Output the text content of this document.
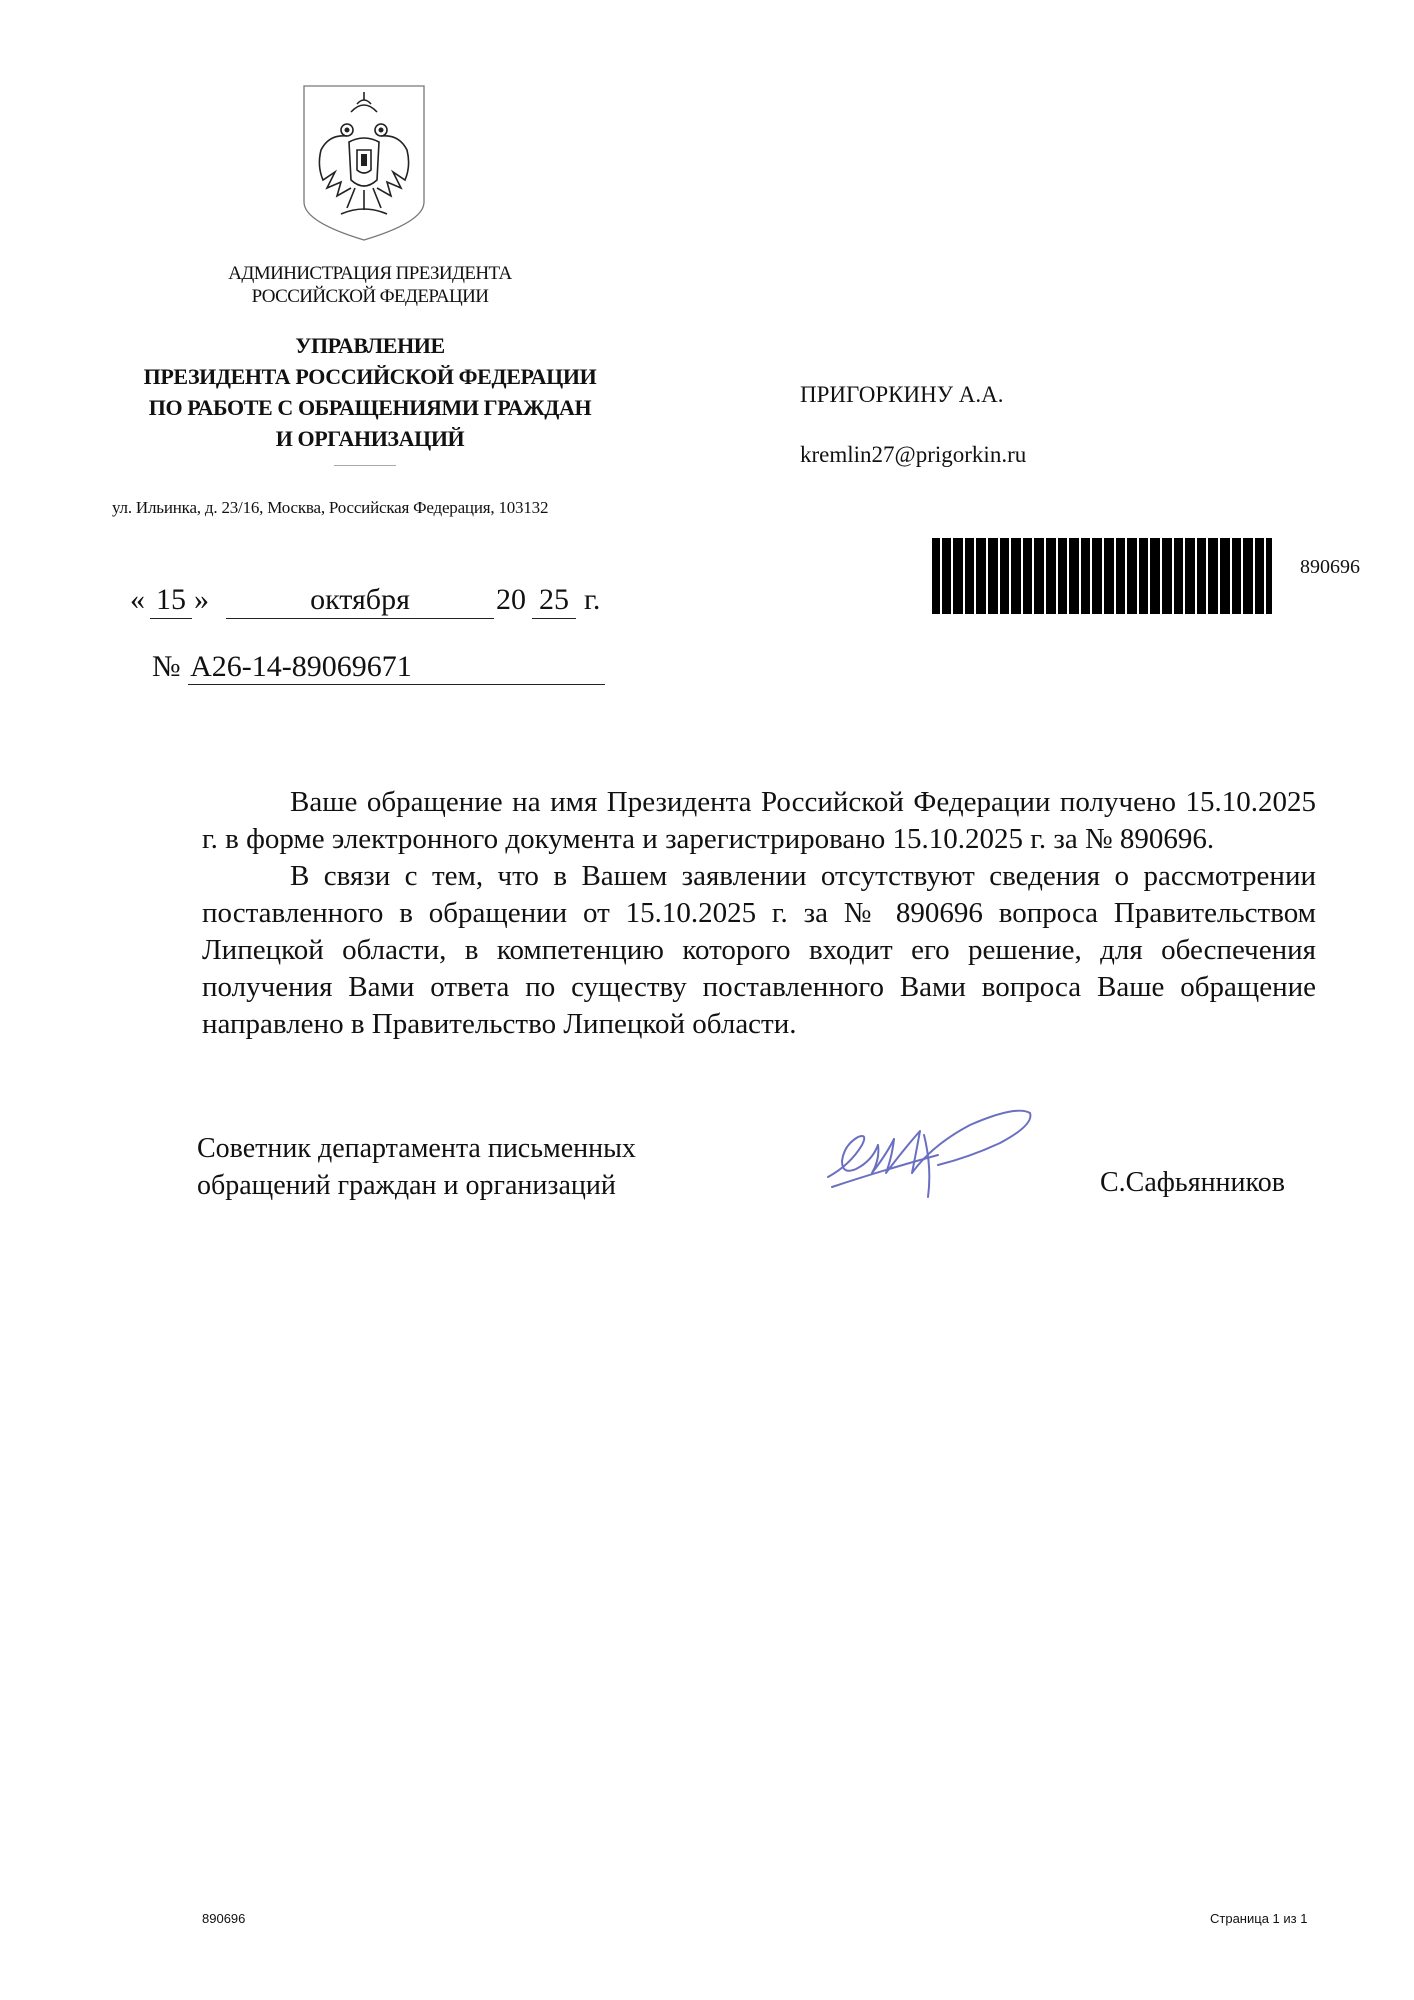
АДМИНИСТРАЦИЯ ПРЕЗИДЕНТА
РОССИЙСКОЙ ФЕДЕРАЦИИ
УПРАВЛЕНИЕ
ПРЕЗИДЕНТА РОССИЙСКОЙ ФЕДЕРАЦИИ
ПО РАБОТЕ С ОБРАЩЕНИЯМИ ГРАЖДАН
И ОРГАНИЗАЦИЙ
ул. Ильинка, д. 23/16, Москва, Российская Федерация, 103132
« 15 »	октября	20 25 г.
№ А26-14-89069671
ПРИГОРКИНУ А.А.
kremlin27@prigorkin.ru
890696

Ваше обращение на имя Президента Российской Федерации получено 15.10.2025 г. в форме электронного документа и зарегистрировано 15.10.2025 г. за № 890696.

В связи с тем, что в Вашем заявлении отсутствуют сведения о рассмотрении поставленного в обращении от 15.10.2025 г. за № 890696 вопроса Правительством Липецкой области, в компетенцию которого входит его решение, для обеспечения получения Вами ответа по существу поставленного Вами вопроса Ваше обращение направлено в Правительство Липецкой области.

Советник департамента письменных
обращений граждан и организаций	С.Сафьянников
890696	Страница 1 из 1
